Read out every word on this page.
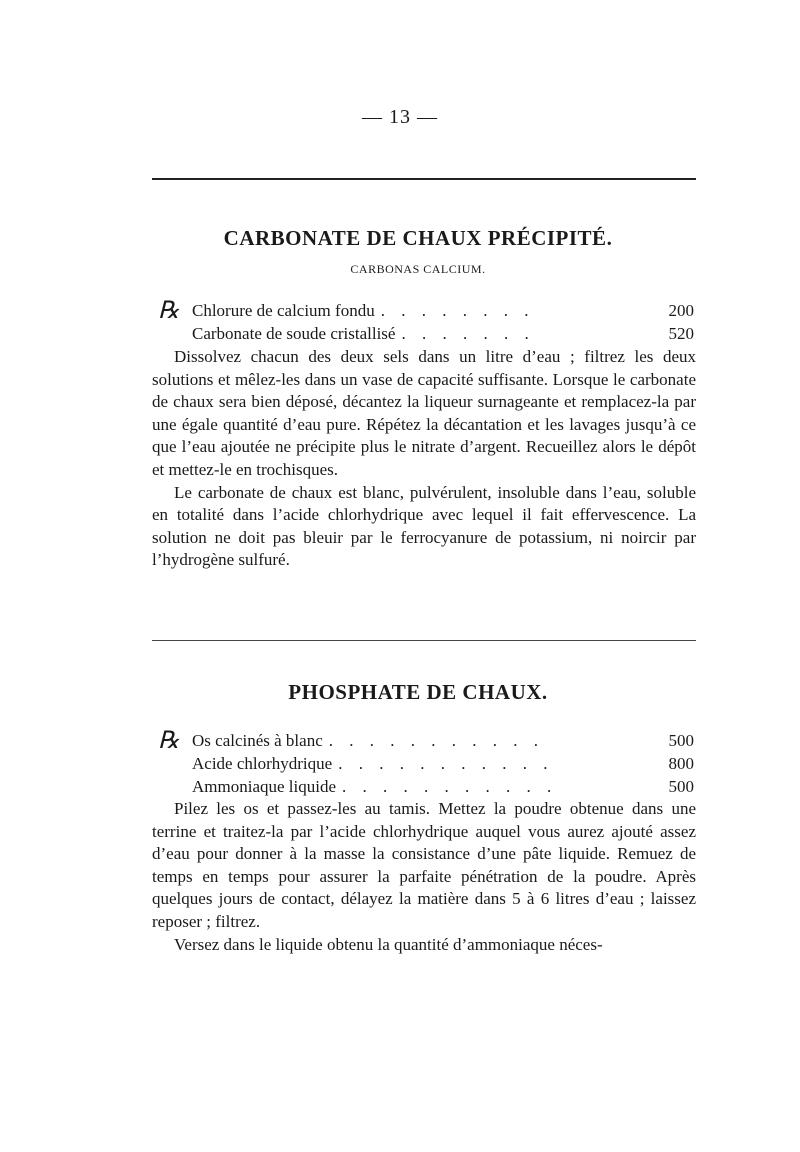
— 13 —
CARBONATE DE CHAUX PRÉCIPITÉ.
CARBONAS CALCIUM.
℞ Chlorure de calcium fondu . . . . . . . .	200
Carbonate de soude cristallisé . . . . . . .	520

Dissolvez chacun des deux sels dans un litre d’eau ; filtrez les deux solutions et mêlez-les dans un vase de capacité suffisante. Lorsque le carbonate de chaux sera bien déposé, décantez la liqueur surnageante et remplacez-la par une égale quantité d’eau pure. Répétez la décantation et les lavages jusqu’à ce que l’eau ajoutée ne précipite plus le nitrate d’argent. Recueillez alors le dépôt et mettez-le en trochisques.

Le carbonate de chaux est blanc, pulvérulent, insoluble dans l’eau, soluble en totalité dans l’acide chlorhydrique avec lequel il fait effervescence. La solution ne doit pas bleuir par le ferrocyanure de potassium, ni noircir par l’hydrogène sulfuré.

PHOSPHATE DE CHAUX.
℞ Os calcinés à blanc . . . . . . . . . . .	500
Acide chlorhydrique . . . . . . . . . . .	800
Ammoniaque liquide . . . . . . . . . . .	500

Pilez les os et passez-les au tamis. Mettez la poudre obtenue dans une terrine et traitez-la par l’acide chlorhydrique auquel vous aurez ajouté assez d’eau pour donner à la masse la consistance d’une pâte liquide. Remuez de temps en temps pour assurer la parfaite pénétration de la poudre. Après quelques jours de contact, délayez la matière dans 5 à 6 litres d’eau ; laissez reposer ; filtrez.

Versez dans le liquide obtenu la quantité d’ammoniaque néces-
